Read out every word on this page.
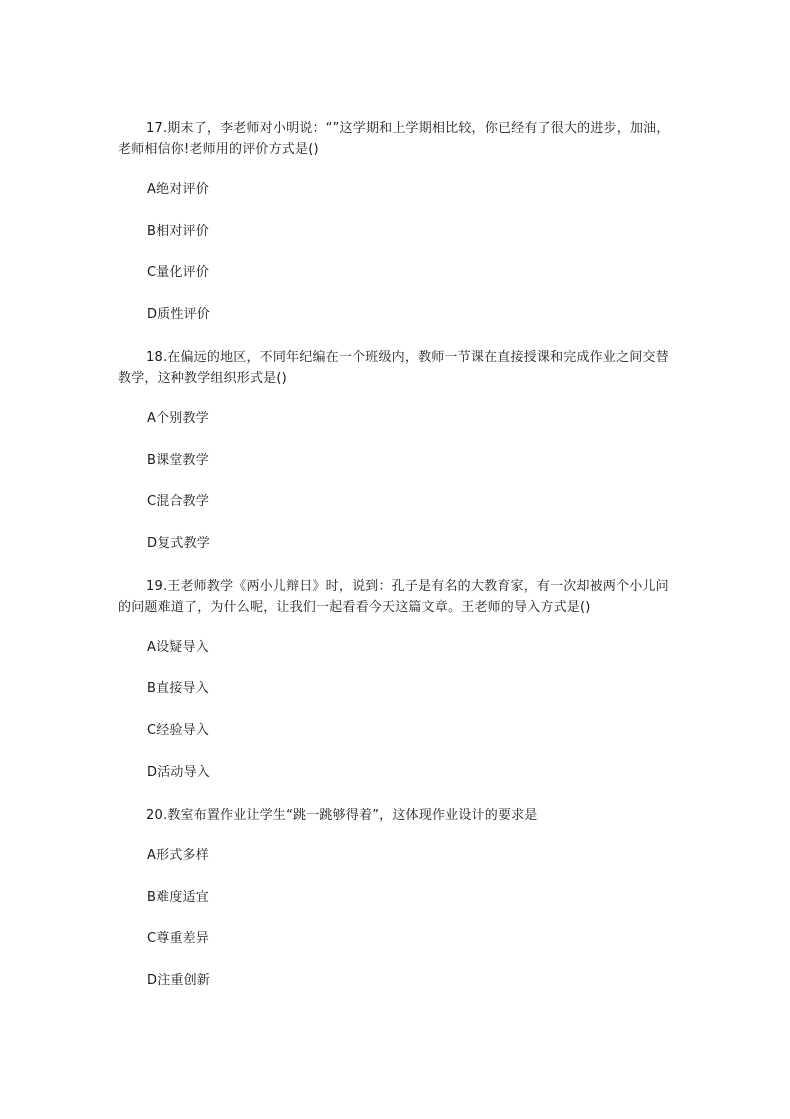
17.期末了，李老师对小明说：“”这学期和上学期相比较，你已经有了很大的进步，加油，老师相信你!老师用的评价方式是()
A绝对评价
B相对评价
C量化评价
D质性评价
18.在偏远的地区，不同年纪编在一个班级内，教师一节课在直接授课和完成作业之间交替教学，这种教学组织形式是()
A个别教学
B课堂教学
C混合教学
D复式教学
19.王老师教学《两小儿辩日》时，说到：孔子是有名的大教育家，有一次却被两个小儿问的问题难道了，为什么呢，让我们一起看看今天这篇文章。王老师的导入方式是()
A设疑导入
B直接导入
C经验导入
D活动导入
20.教室布置作业让学生“跳一跳够得着”，这体现作业设计的要求是
A形式多样
B难度适宜
C尊重差异
D注重创新
